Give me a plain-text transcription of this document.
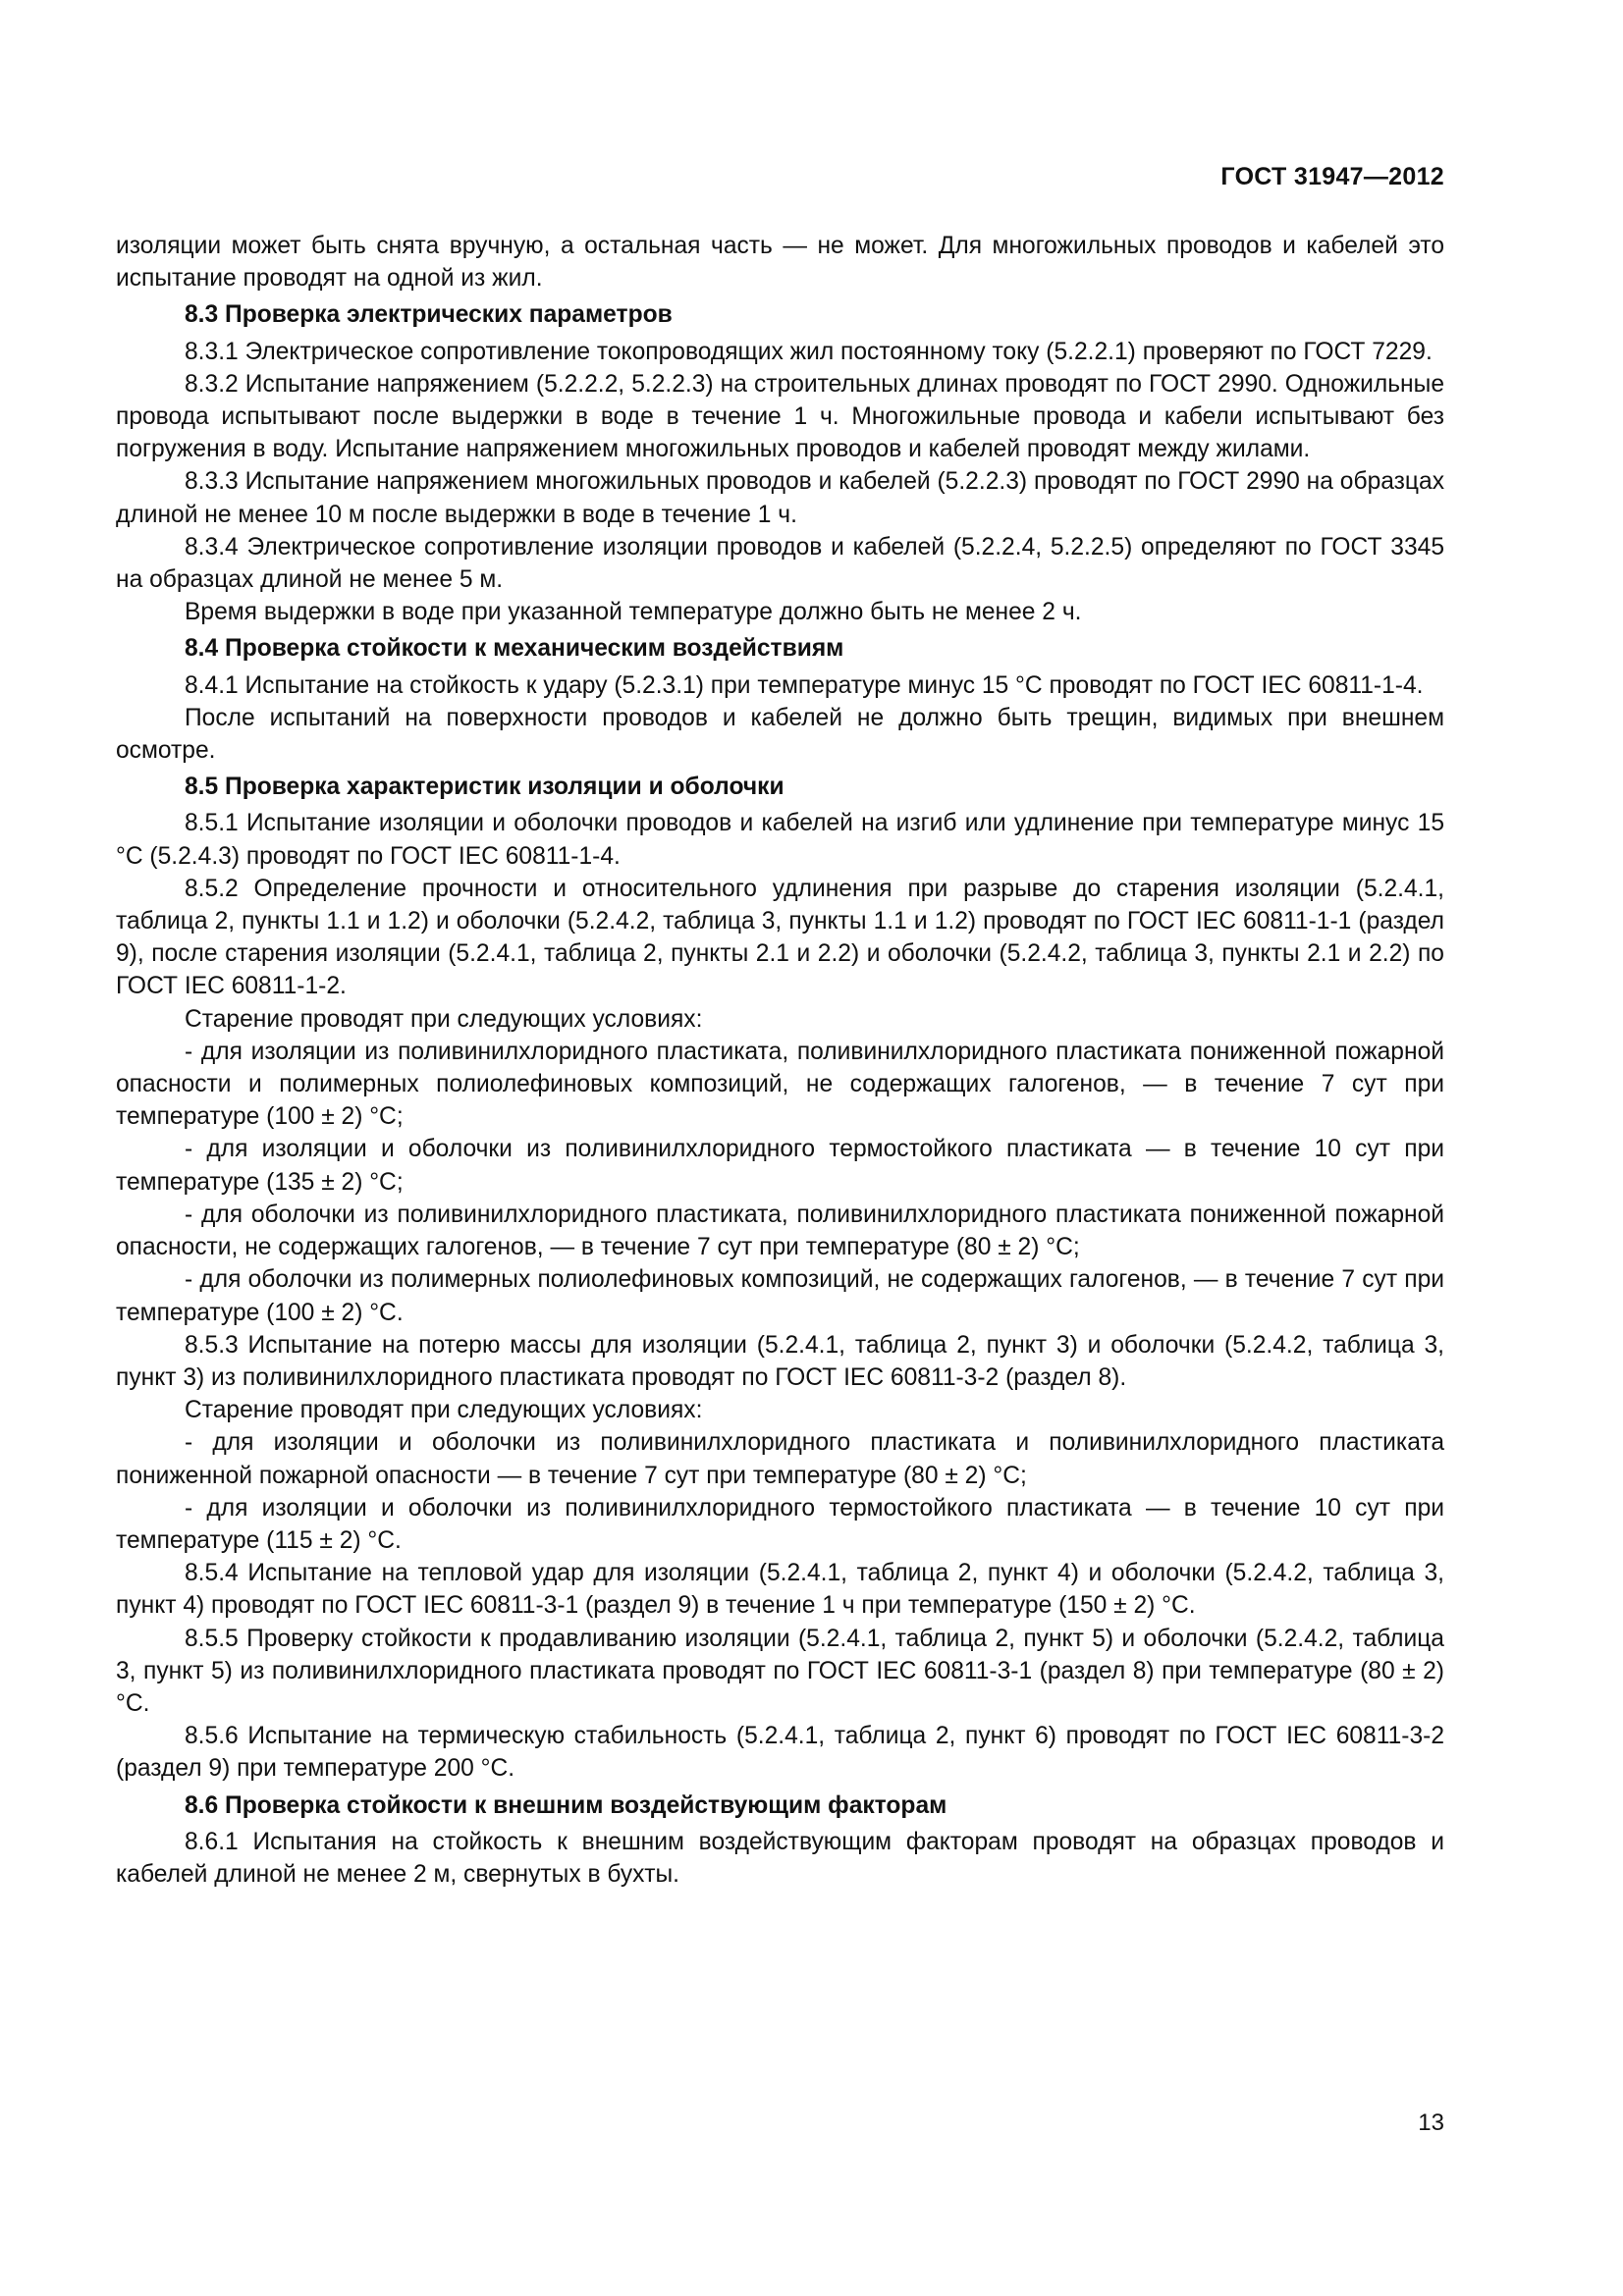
ГОСТ 31947—2012
изоляции может быть снята вручную, а остальная часть — не может. Для многожильных проводов и кабелей это испытание проводят на одной из жил.
8.3 Проверка электрических параметров
8.3.1 Электрическое сопротивление токопроводящих жил постоянному току (5.2.2.1) проверяют по ГОСТ 7229.
8.3.2 Испытание напряжением (5.2.2.2, 5.2.2.3) на строительных длинах проводят по ГОСТ 2990. Одножильные провода испытывают после выдержки в воде в течение 1 ч. Многожильные провода и кабели испытывают без погружения в воду. Испытание напряжением многожильных проводов и кабелей проводят между жилами.
8.3.3 Испытание напряжением многожильных проводов и кабелей (5.2.2.3) проводят по ГОСТ 2990 на образцах длиной не менее 10 м после выдержки в воде в течение 1 ч.
8.3.4 Электрическое сопротивление изоляции проводов и кабелей (5.2.2.4, 5.2.2.5) определяют по ГОСТ 3345 на образцах длиной не менее 5 м.
Время выдержки в воде при указанной температуре должно быть не менее 2 ч.
8.4 Проверка стойкости к механическим воздействиям
8.4.1 Испытание на стойкость к удару (5.2.3.1) при температуре минус 15 °С проводят по ГОСТ IEC 60811-1-4.
После испытаний на поверхности проводов и кабелей не должно быть трещин, видимых при внешнем осмотре.
8.5 Проверка характеристик изоляции и оболочки
8.5.1 Испытание изоляции и оболочки проводов и кабелей на изгиб или удлинение при температуре минус 15 °С (5.2.4.3) проводят по ГОСТ IEC 60811-1-4.
8.5.2 Определение прочности и относительного удлинения при разрыве до старения изоляции (5.2.4.1, таблица 2, пункты 1.1 и 1.2) и оболочки (5.2.4.2, таблица 3, пункты 1.1 и 1.2) проводят по ГОСТ IEC 60811-1-1 (раздел 9), после старения изоляции (5.2.4.1, таблица 2, пункты 2.1 и 2.2) и оболочки (5.2.4.2, таблица 3, пункты 2.1 и 2.2) по ГОСТ IEC 60811-1-2.
Старение проводят при следующих условиях:
- для изоляции из поливинилхлоридного пластиката, поливинилхлоридного пластиката пониженной пожарной опасности и полимерных полиолефиновых композиций, не содержащих галогенов, — в течение 7 сут при температуре (100 ± 2) °С;
- для изоляции и оболочки из поливинилхлоридного термостойкого пластиката — в течение 10 сут при температуре (135 ± 2) °С;
- для оболочки из поливинилхлоридного пластиката, поливинилхлоридного пластиката пониженной пожарной опасности, не содержащих галогенов, — в течение 7 сут при температуре (80 ± 2) °С;
- для оболочки из полимерных полиолефиновых композиций, не содержащих галогенов, — в течение 7 сут при температуре (100 ± 2) °С.
8.5.3 Испытание на потерю массы для изоляции (5.2.4.1, таблица 2, пункт 3) и оболочки (5.2.4.2, таблица 3, пункт 3) из поливинилхлоридного пластиката проводят по ГОСТ IEC 60811-3-2 (раздел 8).
Старение проводят при следующих условиях:
- для изоляции и оболочки из поливинилхлоридного пластиката и поливинилхлоридного пластиката пониженной пожарной опасности — в течение 7 сут при температуре (80 ± 2) °С;
- для изоляции и оболочки из поливинилхлоридного термостойкого пластиката — в течение 10 сут при температуре (115 ± 2) °С.
8.5.4 Испытание на тепловой удар для изоляции (5.2.4.1, таблица 2, пункт 4) и оболочки (5.2.4.2, таблица 3, пункт 4) проводят по ГОСТ IEC 60811-3-1 (раздел 9) в течение 1 ч при температуре (150 ± 2) °С.
8.5.5 Проверку стойкости к продавливанию изоляции (5.2.4.1, таблица 2, пункт 5) и оболочки (5.2.4.2, таблица 3, пункт 5) из поливинилхлоридного пластиката проводят по ГОСТ IEC 60811-3-1 (раздел 8) при температуре (80 ± 2) °С.
8.5.6 Испытание на термическую стабильность (5.2.4.1, таблица 2, пункт 6) проводят по ГОСТ IEC 60811-3-2 (раздел 9) при температуре 200 °С.
8.6 Проверка стойкости к внешним воздействующим факторам
8.6.1 Испытания на стойкость к внешним воздействующим факторам проводят на образцах проводов и кабелей длиной не менее 2 м, свернутых в бухты.
13
